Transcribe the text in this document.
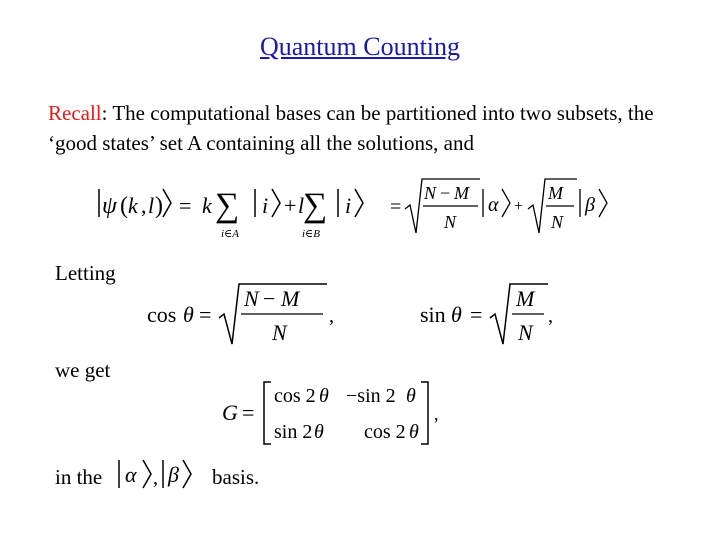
Quantum Counting
Recall: The computational bases can be partitioned into two subsets, the ‘good states’ set A containing all the solutions, and
ψ ( k , l ) = k ∑
i∈A
i + l
∑
i∈B
i =
N − M
N
α +
M
N
β
Letting
cos θ =
N − M
N
,	sin θ =
M
N
,
we get
G =
cos 2 θ −sin 2 θ
sin 2 θ cos 2 θ
,
in the	α , β basis.
